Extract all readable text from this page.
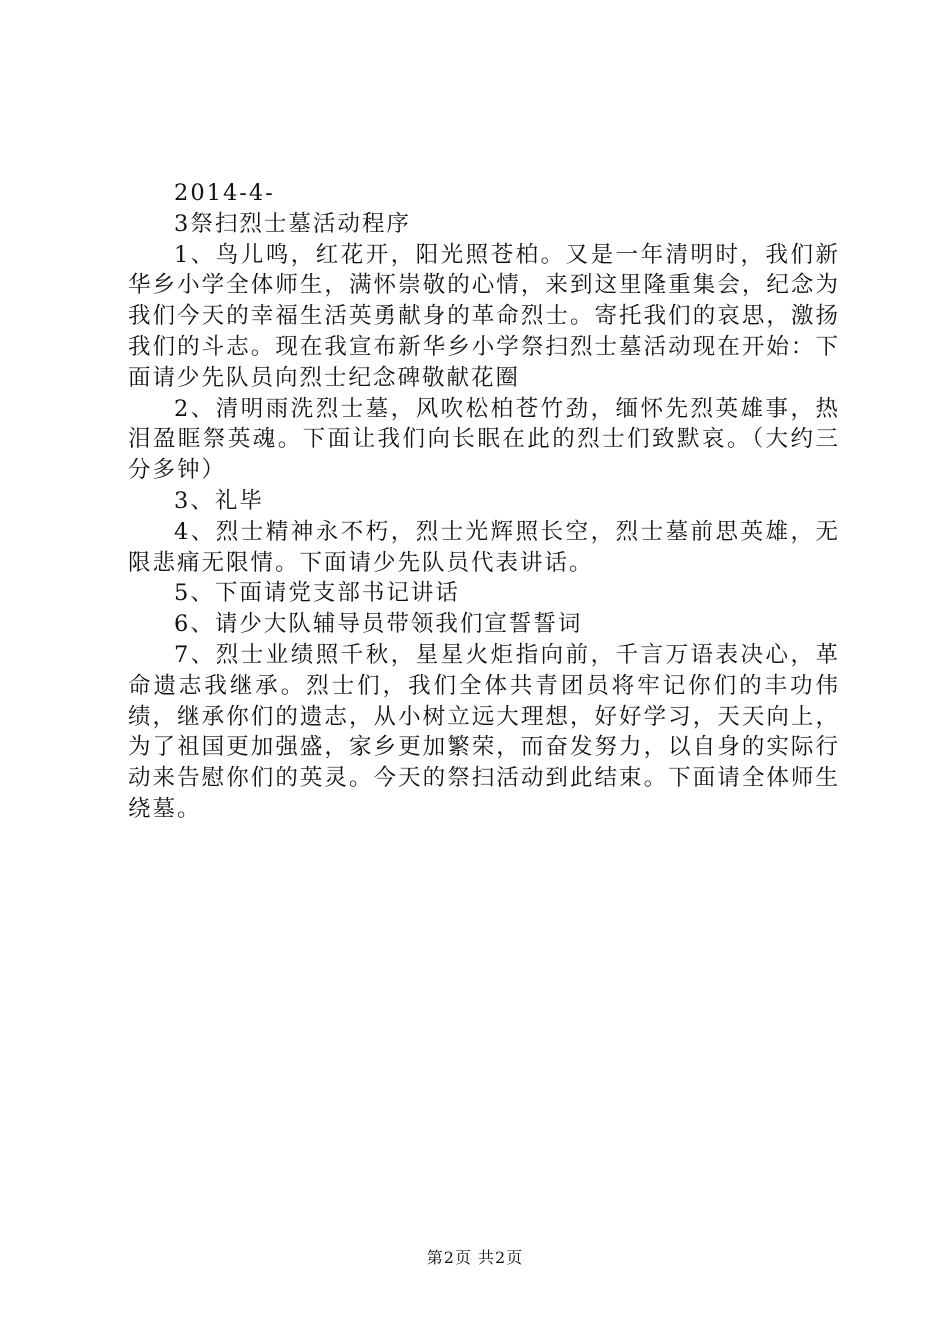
2014-4-

3祭扫烈士墓活动程序

1、鸟儿鸣，红花开，阳光照苍柏。又是一年清明时，我们新华乡小学全体师生，满怀崇敬的心情，来到这里隆重集会，纪念为我们今天的幸福生活英勇献身的革命烈士。寄托我们的哀思，激扬我们的斗志。现在我宣布新华乡小学祭扫烈士墓活动现在开始：下面请少先队员向烈士纪念碑敬献花圈

2、清明雨洗烈士墓，风吹松柏苍竹劲，缅怀先烈英雄事，热泪盈眶祭英魂。下面让我们向长眠在此的烈士们致默哀。（大约三分多钟）

3、礼毕

4、烈士精神永不朽，烈士光辉照长空，烈士墓前思英雄，无限悲痛无限情。下面请少先队员代表讲话。

5、下面请党支部书记讲话

6、请少大队辅导员带领我们宣誓誓词

7、烈士业绩照千秋，星星火炬指向前，千言万语表决心，革命遗志我继承。烈士们，我们全体共青团员将牢记你们的丰功伟绩，继承你们的遗志，从小树立远大理想，好好学习，天天向上，为了祖国更加强盛，家乡更加繁荣，而奋发努力，以自身的实际行动来告慰你们的英灵。今天的祭扫活动到此结束。下面请全体师生绕墓。

第2页 共2页
